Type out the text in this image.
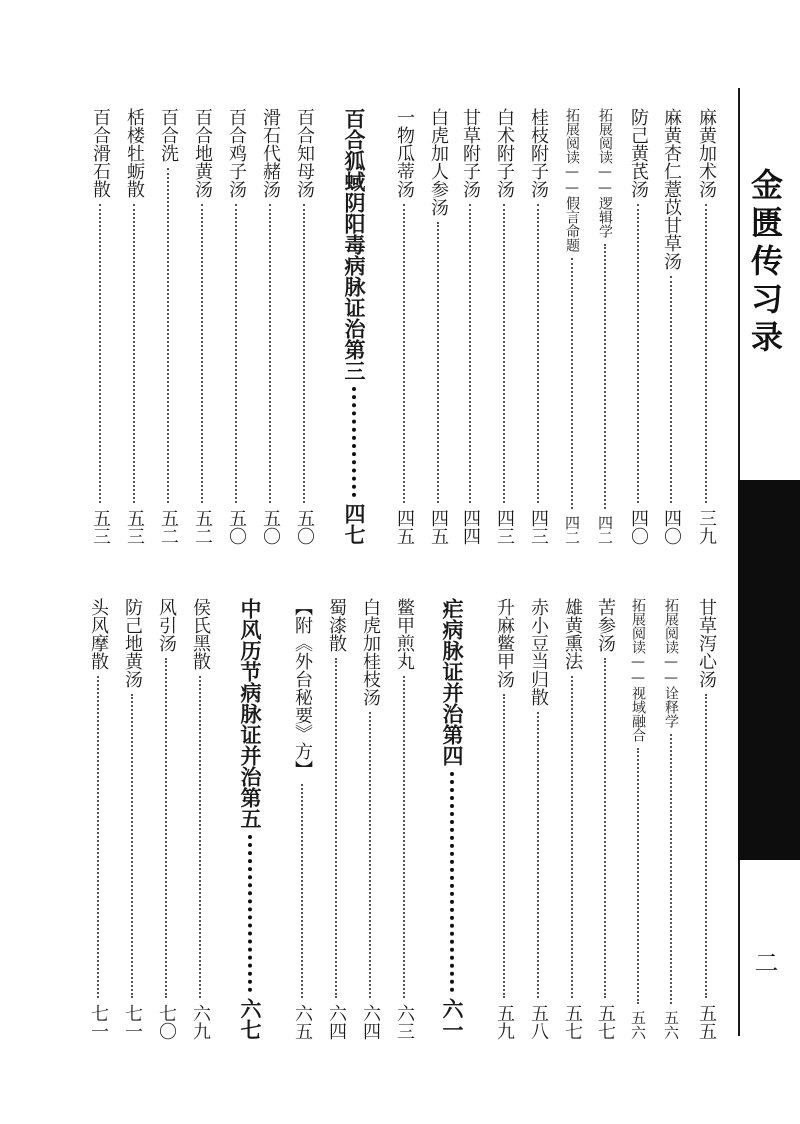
金匮传习录
二
麻黄加术汤
三九
麻黄杏仁薏苡甘草汤
四〇
防己黄芪汤
四〇
拓展阅读——逻辑学
四二
拓展阅读——假言命题
四二
桂枝附子汤
四三
白术附子汤
四三
甘草附子汤
四四
白虎加人参汤
四五
一物瓜蒂汤
四五
百合狐蜮阴阳毒病脉证治第三
四七
百合知母汤
五〇
滑石代赭汤
五〇
百合鸡子汤
五〇
百合地黄汤
五二
百合洗
五二
栝楼牡蛎散
五三
百合滑石散
五三
甘草泻心汤
五五
拓展阅读——诠释学
五六
拓展阅读——视域融合
五六
苦参汤
五七
雄黄熏法
五七
赤小豆当归散
五八
升麻鳖甲汤
五九
疟病脉证并治第四
六一
鳖甲煎丸
六三
白虎加桂枝汤
六四
蜀漆散
六四
【附《外台秘要》方】
六五
中风历节病脉证并治第五
六七
侯氏黑散
六九
风引汤
七〇
防己地黄汤
七一
头风摩散
七一
